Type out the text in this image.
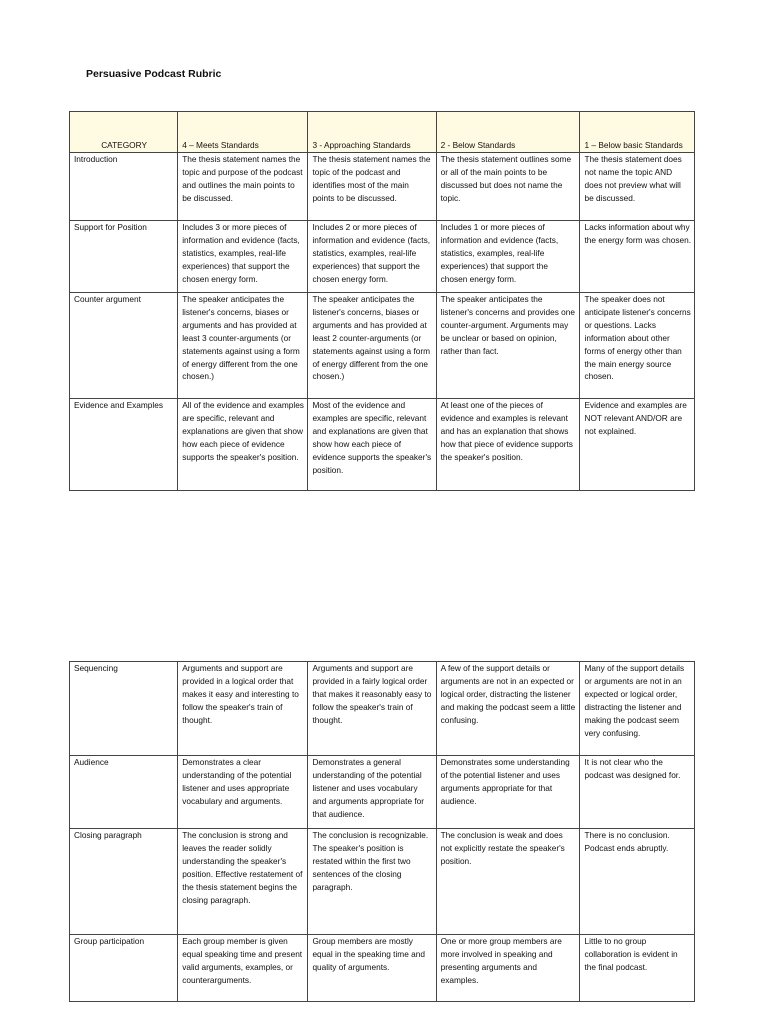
Persuasive Podcast Rubric
CATEGORY	4 – Meets Standards	3 - Approaching Standards	2 - Below Standards	1 – Below basic Standards
Introduction	The thesis statement names the topic and purpose of the podcast and outlines the main points to be discussed.	The thesis statement names the topic of the podcast and identifies most of the main points to be discussed.	The thesis statement outlines some or all of the main points to be discussed but does not name the topic.	The thesis statement does not name the topic AND does not preview what will be discussed.
Support for Position	Includes 3 or more pieces of information and evidence (facts, statistics, examples, real-life experiences) that support the chosen energy form.	Includes 2 or more pieces of information and evidence (facts, statistics, examples, real-life experiences) that support the chosen energy form.	Includes 1 or more pieces of information and evidence (facts, statistics, examples, real-life experiences) that support the chosen energy form.	Lacks information about why the energy form was chosen.
Counter argument	The speaker anticipates the listener's concerns, biases or arguments and has provided at least 3 counter-arguments (or statements against using a form of energy different from the one chosen.)	The speaker anticipates the listener's concerns, biases or arguments and has provided at least 2 counter-arguments (or statements against using a form of energy different from the one chosen.)	The speaker anticipates the listener's concerns and provides one counter-argument. Arguments may be unclear or based on opinion, rather than fact.	The speaker does not anticipate listener's concerns or questions. Lacks information about other forms of energy other than the main energy source chosen.
Evidence and Examples	All of the evidence and examples are specific, relevant and explanations are given that show how each piece of evidence supports the speaker's position.	Most of the evidence and examples are specific, relevant and explanations are given that show how each piece of evidence supports the speaker's position.	At least one of the pieces of evidence and examples is relevant and has an explanation that shows how that piece of evidence supports the speaker's position.	Evidence and examples are NOT relevant AND/OR are not explained.
Sequencing	Arguments and support are provided in a logical order that makes it easy and interesting to follow the speaker's train of thought.	Arguments and support are provided in a fairly logical order that makes it reasonably easy to follow the speaker's train of thought.	A few of the support details or arguments are not in an expected or logical order, distracting the listener and making the podcast seem a little confusing.	Many of the support details or arguments are not in an expected or logical order, distracting the listener and making the podcast seem very confusing.
Audience	Demonstrates a clear understanding of the potential listener and uses appropriate vocabulary and arguments.	Demonstrates a general understanding of the potential listener and uses vocabulary and arguments appropriate for that audience.	Demonstrates some understanding of the potential listener and uses arguments appropriate for that audience.	It is not clear who the podcast was designed for.
Closing paragraph	The conclusion is strong and leaves the reader solidly understanding the speaker's position. Effective restatement of the thesis statement begins the closing paragraph.	The conclusion is recognizable. The speaker's position is restated within the first two sentences of the closing paragraph.	The conclusion is weak and does not explicitly restate the speaker's position.	There is no conclusion. Podcast ends abruptly.
Group participation	Each group member is given equal speaking time and present valid arguments, examples, or counterarguments.	Group members are mostly equal in the speaking time and quality of arguments.	One or more group members are more involved in speaking and presenting arguments and examples.	Little to no group collaboration is evident in the final podcast.
